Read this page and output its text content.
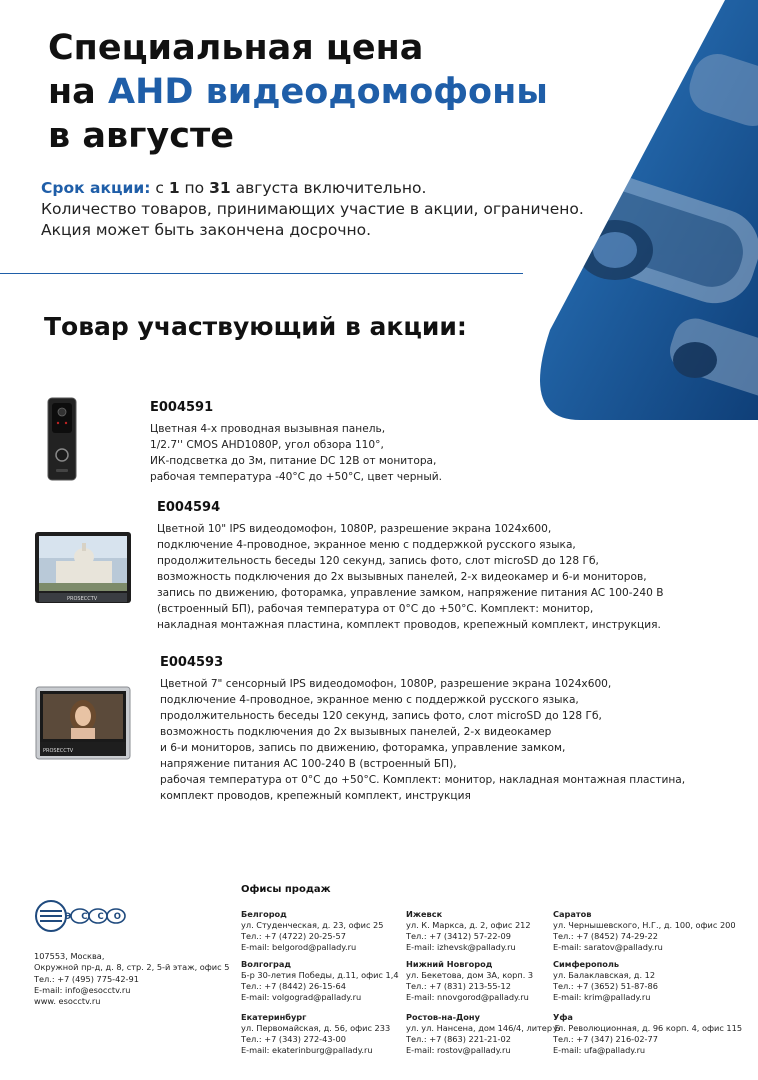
Специальная цена
на AHD видеодомофоны
в августе
Срок акции: с 1 по 31 августа включительно.
Количество товаров, принимающих участие в акции, ограничено.
Акция может быть закончена досрочно.
Товар участвующий в акции:
E004591
Цветная 4-х проводная вызывная панель,
1/2.7'' CMOS AHD1080P, угол обзора 110°,
ИК-подсветка до 3м, питание DC 12В от монитора,
рабочая температура -40°С до +50°С, цвет черный.
PROSECCTV
E004594
Цветной 10" IPS видеодомофон, 1080P, разрешение экрана 1024х600,
подключение 4-проводное, экранное меню с поддержкой русского языка,
продолжительность беседы 120 секунд, запись фото, слот microSD до 128 Гб,
возможность подключения до 2х вызывных панелей, 2-х видеокамер и 6-и мониторов,
запись по движению, фоторамка, управление замком, напряжение питания AC 100-240 В
(встроенный БП), рабочая температура от 0°С до +50°С. Комплект: монитор,
накладная монтажная пластина, комплект проводов, крепежный комплект, инструкция.
PROSECCTV
E004593
Цветной 7" сенсорный IPS видеодомофон, 1080P, разрешение экрана 1024х600,
подключение 4-проводное, экранное меню с поддержкой русского языка,
продолжительность беседы 120 секунд, запись фото, слот microSD до 128 Гб,
возможность подключения до 2х вызывных панелей, 2-х видеокамер
и 6-и мониторов, запись по движению, фоторамка, управление замком,
напряжение питания AC 100-240 В (встроенный БП),
рабочая температура от 0°С до +50°С. Комплект: монитор, накладная монтажная пластина,
комплект проводов, крепежный комплект, инструкция
ЭССО
107553, Москва,
Окружной пр-д, д. 8, стр. 2, 5-й этаж, офис 5
Тел.: +7 (495) 775-42-91
E-mail: info@esocctv.ru
www. esocctv.ru
Офисы продаж
Белгород
ул. Студенческая, д. 23, офис 25
Тел.: +7 (4722) 20-25-57
E-mail: belgorod@pallady.ru
Волгоград
Б-р 30-летия Победы, д.11, офис 1,4
Тел.: +7 (8442) 26-15-64
E-mail: volgograd@pallady.ru
Екатеринбург
ул. Первомайская, д. 56, офис 233
Тел.: +7 (343) 272-43-00
E-mail: ekaterinburg@pallady.ru
Ижевск
ул. К. Маркса, д. 2, офис 212
Тел.: +7 (3412) 57-22-09
E-mail: izhevsk@pallady.ru
Нижний Новгород
ул. Бекетова, дом 3А, корп. 3
Тел.: +7 (831) 213-55-12
E-mail: nnovgorod@pallady.ru
Ростов-на-Дону
ул. ул. Нансена, дом 146/4, литер Б
Тел.: +7 (863) 221-21-02
E-mail: rostov@pallady.ru
Саратов
ул. Чернышевского, Н.Г., д. 100, офис 200
Тел.: +7 (8452) 74-29-22
E-mail: saratov@pallady.ru
Симферополь
ул. Балаклавская, д. 12
Тел.: +7 (3652) 51-87-86
E-mail: krim@pallady.ru
Уфа
ул. Революционная, д. 96 корп. 4, офис 115
Тел.: +7 (347) 216-02-77
E-mail: ufa@pallady.ru
